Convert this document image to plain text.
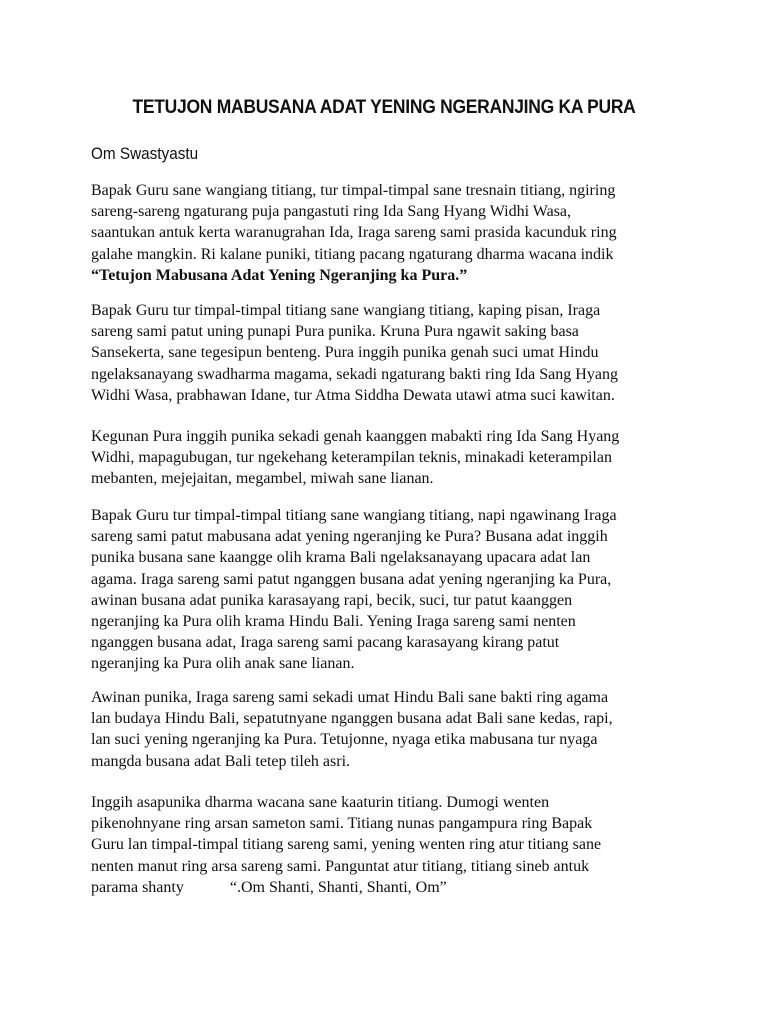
TETUJON MABUSANA ADAT YENING NGERANJING KA PURA
Om Swastyastu
Bapak Guru sane wangiang titiang, tur timpal-timpal sane tresnain titiang, ngiring
sareng-sareng ngaturang puja pangastuti ring Ida Sang Hyang Widhi Wasa,
saantukan antuk kerta waranugrahan Ida, Iraga sareng sami prasida kacunduk ring
galahe mangkin. Ri kalane puniki, titiang pacang ngaturang dharma wacana indik
“Tetujon Mabusana Adat Yening Ngeranjing ka Pura.”
Bapak Guru tur timpal-timpal titiang sane wangiang titiang, kaping pisan, Iraga
sareng sami patut uning punapi Pura punika. Kruna Pura ngawit saking basa
Sansekerta, sane tegesipun benteng. Pura inggih punika genah suci umat Hindu
ngelaksanayang swadharma magama, sekadi ngaturang bakti ring Ida Sang Hyang
Widhi Wasa, prabhawan Idane, tur Atma Siddha Dewata utawi atma suci kawitan.
Kegunan Pura inggih punika sekadi genah kaanggen mabakti ring Ida Sang Hyang
Widhi, mapagubugan, tur ngekehang keterampilan teknis, minakadi keterampilan
mebanten, mejejaitan, megambel, miwah sane lianan.
Bapak Guru tur timpal-timpal titiang sane wangiang titiang, napi ngawinang Iraga
sareng sami patut mabusana adat yening ngeranjing ke Pura? Busana adat inggih
punika busana sane kaangge olih krama Bali ngelaksanayang upacara adat lan
agama. Iraga sareng sami patut nganggen busana adat yening ngeranjing ka Pura,
awinan busana adat punika karasayang rapi, becik, suci, tur patut kaanggen
ngeranjing ka Pura olih krama Hindu Bali. Yening Iraga sareng sami nenten
nganggen busana adat, Iraga sareng sami pacang karasayang kirang patut
ngeranjing ka Pura olih anak sane lianan.
Awinan punika, Iraga sareng sami sekadi umat Hindu Bali sane bakti ring agama
lan budaya Hindu Bali, sepatutnyane nganggen busana adat Bali sane kedas, rapi,
lan suci yening ngeranjing ka Pura. Tetujonne, nyaga etika mabusana tur nyaga
mangda busana adat Bali tetep tileh asri.
Inggih asapunika dharma wacana sane kaaturin titiang. Dumogi wenten
pikenohnyane ring arsan sameton sami. Titiang nunas pangampura ring Bapak
Guru lan timpal-timpal titiang sareng sami, yening wenten ring atur titiang sane
nenten manut ring arsa sareng sami. Panguntat atur titiang, titiang sineb antuk
parama shanty	“.Om Shanti, Shanti, Shanti, Om”
